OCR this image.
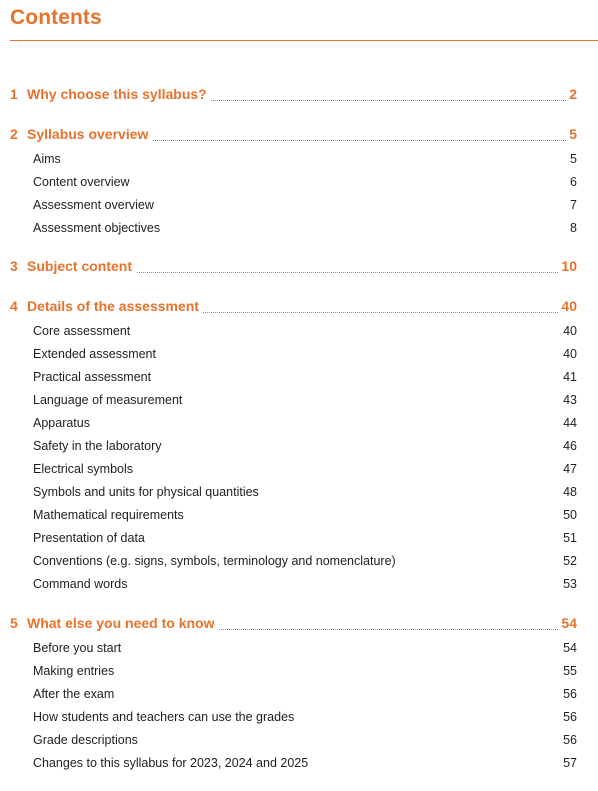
Contents
1 Why choose this syllabus?	2
2 Syllabus overview	5
Aims	5
Content overview	6
Assessment overview	7
Assessment objectives	8
3 Subject content	10
4 Details of the assessment	40
Core assessment	40
Extended assessment	40
Practical assessment	41
Language of measurement	43
Apparatus	44
Safety in the laboratory	46
Electrical symbols	47
Symbols and units for physical quantities	48
Mathematical requirements	50
Presentation of data	51
Conventions (e.g. signs, symbols, terminology and nomenclature)	52
Command words	53
5 What else you need to know	54
Before you start	54
Making entries	55
After the exam	56
How students and teachers can use the grades	56
Grade descriptions	56
Changes to this syllabus for 2023, 2024 and 2025	57
